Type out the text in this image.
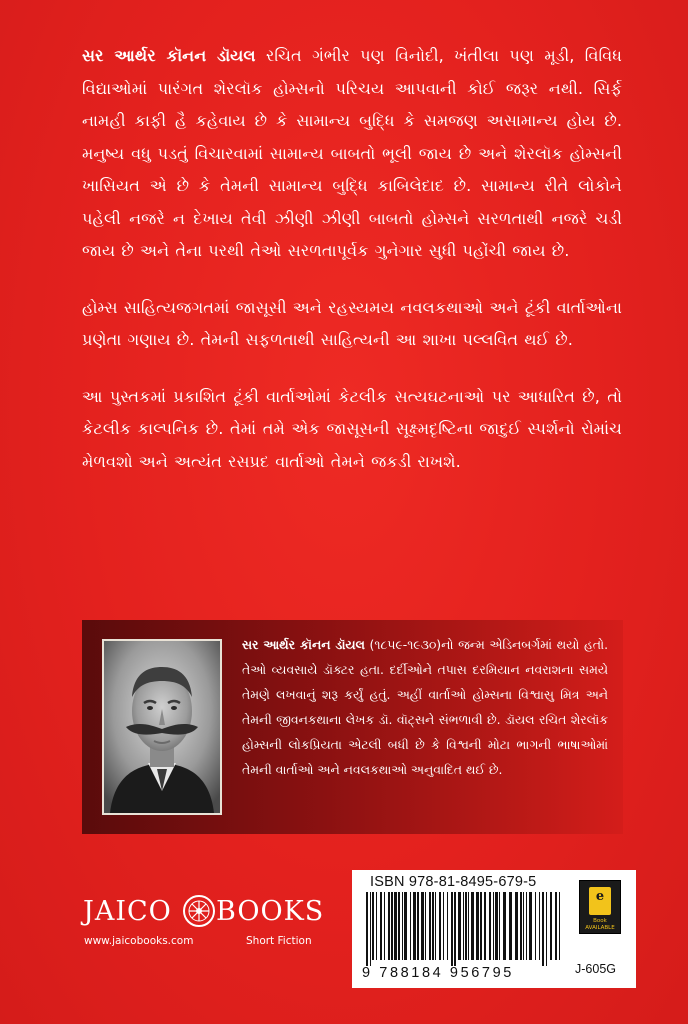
સર આર્થર કૉનન ડૉયલ રચિત ગંભીર પણ વિનોદી, ખંતીલા પણ મૂડી, વિવિધ વિદ્યાઓમાં પારંગત શેરલૉક હોમ્સનો પરિચય આપવાની કોઈ જરૂર નથી. સિર્ફ નામહી કાફી હૈ કહેવાય છે કે સામાન્ય બુદ્ધિ કે સમજણ અસામાન્ય હોય છે. મનુષ્ય વધુ પડતું વિચારવામાં સામાન્ય બાબતો ભૂલી જાય છે અને શેરલૉક હોમ્સની ખાસિયત એ છે કે તેમની સામાન્ય બુદ્ધિ કાબિલેદાદ છે. સામાન્ય રીતે લોકોને પહેલી નજરે ન દેખાય તેવી ઝીણી ઝીણી બાબતો હોમ્સને સરળતાથી નજરે ચડી જાય છે અને તેના પરથી તેઓ સરળતાપૂર્વક ગુનેગાર સુધી પહોંચી જાય છે.

હોમ્સ સાહિત્યજગતમાં જાસૂસી અને રહસ્યમય નવલકથાઓ અને ટૂંકી વાર્તાઓના પ્રણેતા ગણાય છે. તેમની સફળતાથી સાહિત્યની આ શાખા પલ્લવિત થઈ છે.

આ પુસ્તકમાં પ્રકાશિત ટૂંકી વાર્તાઓમાં કેટલીક સત્યઘટનાઓ પર આધારિત છે, તો કેટલીક કાલ્પનિક છે. તેમાં તમે એક જાસૂસની સૂક્ષ્મદૃષ્ટિના જાદુઈ સ્પર્શનો રોમાંચ મેળવશો અને અત્યંત રસપ્રદ વાર્તાઓ તેમને જકડી રાખશે.

સર આર્થર કૉનન ડૉયલ (૧૮૫૯-૧૯૩૦)નો જન્મ એડિનબર્ગમાં થયો હતો. તેઓ વ્યવસાયે ડૉક્ટર હતા. દર્દીઓને તપાસ દરમિયાન નવરાશના સમયે તેમણે લખવાનું શરૂ કર્યું હતું. અહીં વાર્તાઓ હોમ્સના વિશ્વાસુ મિત્ર અને તેમની જીવનકથાના લેખક ડૉ. વૉટ્સને સંભળાવી છે. ડૉયલ રચિત શેરલૉક હોમ્સની લોકપ્રિયતા એટલી બધી છે કે વિશ્વની મોટા ભાગની ભાષાઓમાં તેમની વાર્તાઓ અને નવલકથાઓ અનુવાદિત થઈ છે.
JAICO BOOKS
www.jaicobooks.com	Short Fiction
ISBN 978-81-8495-679-5
9 788184 956795
e
Book AVAILABLE
J-605G
